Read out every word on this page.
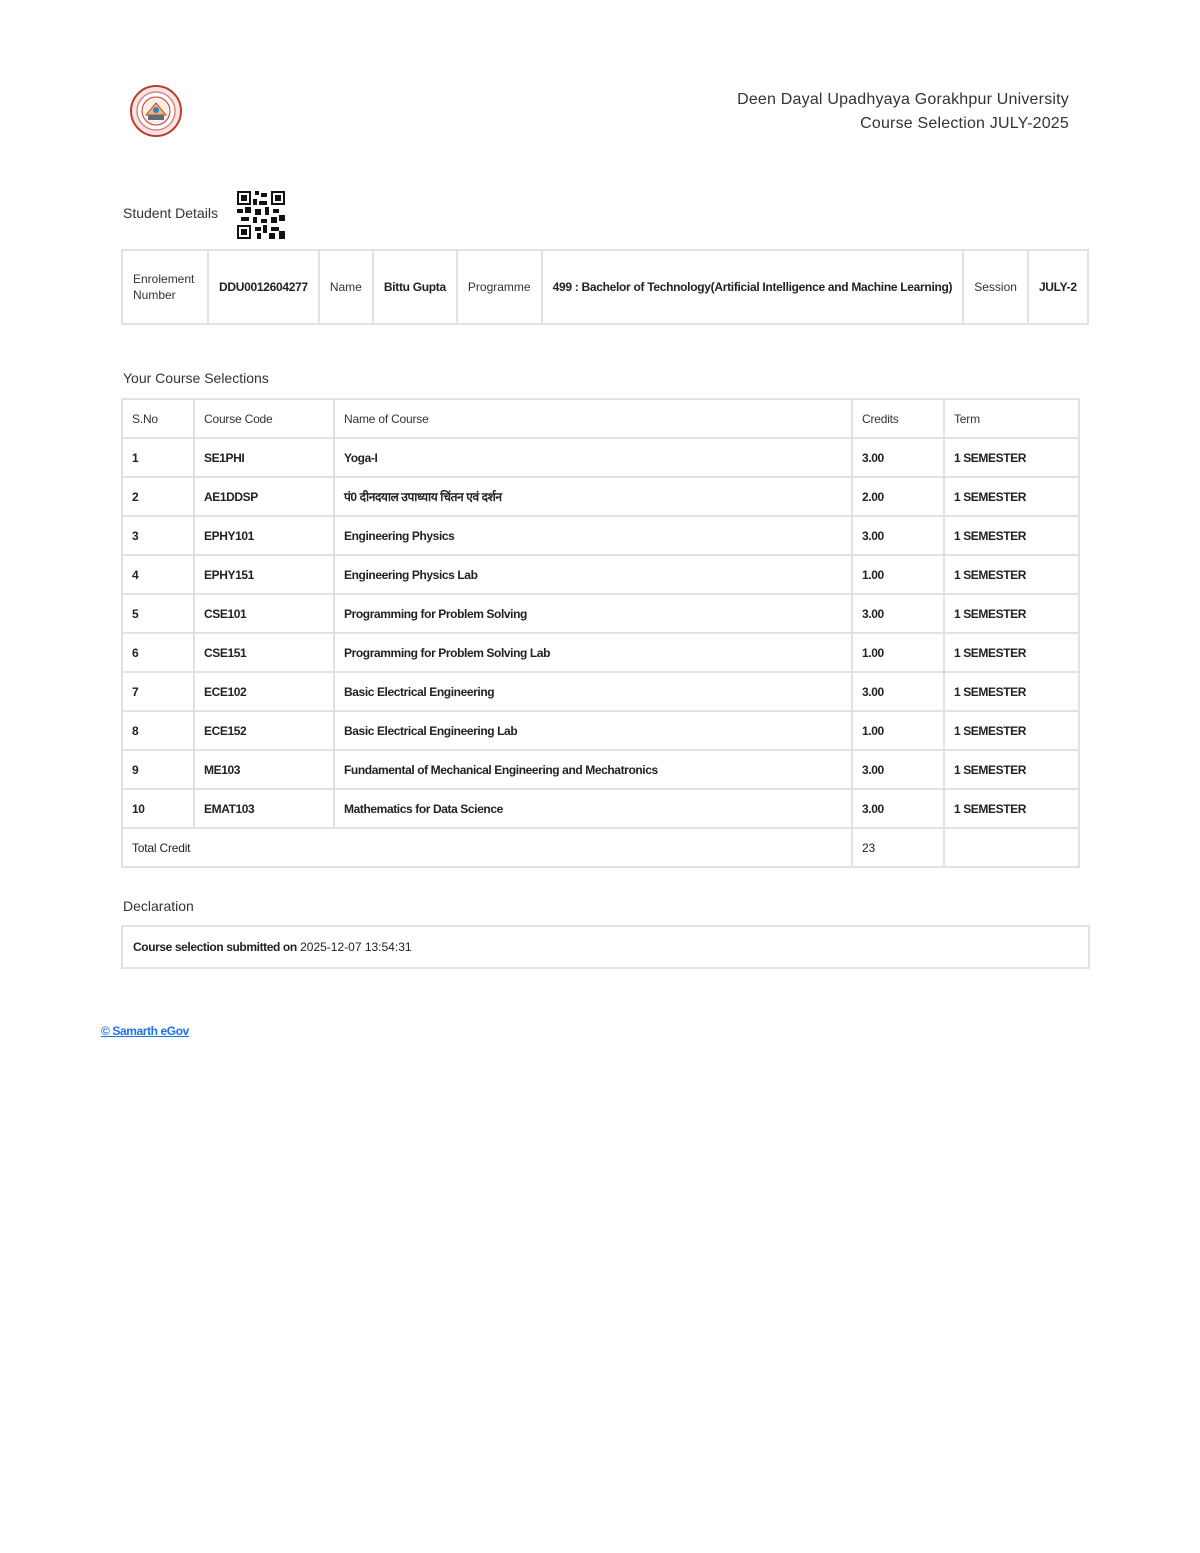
Deen Dayal Upadhyaya Gorakhpur University
Course Selection JULY-2025
Student Details
Enrolement Number	DDU0012604277	Name	Bittu Gupta	Programme	499 : Bachelor of Technology(Artificial Intelligence and Machine Learning)	Session	JULY-2
Your Course Selections
S.No	Course Code	Name of Course	Credits	Term
1	SE1PHI	Yoga-I	3.00	1 SEMESTER
2	AE1DDSP	पं0 दीनदयाल उपाध्याय चिंतन एवं दर्शन	2.00	1 SEMESTER
3	EPHY101	Engineering Physics	3.00	1 SEMESTER
4	EPHY151	Engineering Physics Lab	1.00	1 SEMESTER
5	CSE101	Programming for Problem Solving	3.00	1 SEMESTER
6	CSE151	Programming for Problem Solving Lab	1.00	1 SEMESTER
7	ECE102	Basic Electrical Engineering	3.00	1 SEMESTER
8	ECE152	Basic Electrical Engineering Lab	1.00	1 SEMESTER
9	ME103	Fundamental of Mechanical Engineering and Mechatronics	3.00	1 SEMESTER
10	EMAT103	Mathematics for Data Science	3.00	1 SEMESTER
Total Credit			23	
Declaration
Course selection submitted on 2025-12-07 13:54:31
© Samarth eGov
